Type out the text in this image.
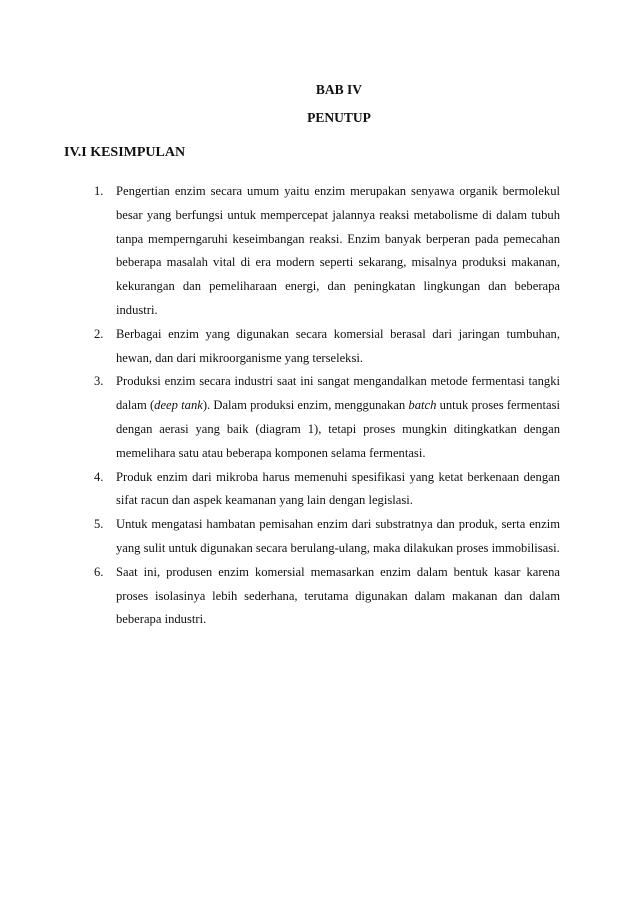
BAB IV
PENUTUP
IV.I KESIMPULAN
1. Pengertian enzim secara umum yaitu enzim merupakan senyawa organik bermolekul besar yang berfungsi untuk mempercepat jalannya reaksi metabolisme di dalam tubuh tanpa memperngaruhi keseimbangan reaksi. Enzim banyak berperan pada pemecahan beberapa masalah vital di era modern seperti sekarang, misalnya produksi makanan, kekurangan dan pemeliharaan energi, dan peningkatan lingkungan dan beberapa industri.
2. Berbagai enzim yang digunakan secara komersial berasal dari jaringan tumbuhan, hewan, dan dari mikroorganisme yang terseleksi.
3. Produksi enzim secara industri saat ini sangat mengandalkan metode fermentasi tangki dalam (deep tank). Dalam produksi enzim, menggunakan batch untuk proses fermentasi dengan aerasi yang baik (diagram 1), tetapi proses mungkin ditingkatkan dengan memelihara satu atau beberapa komponen selama fermentasi.
4. Produk enzim dari mikroba harus memenuhi spesifikasi yang ketat berkenaan dengan sifat racun dan aspek keamanan yang lain dengan legislasi.
5. Untuk mengatasi hambatan pemisahan enzim dari substratnya dan produk, serta enzim yang sulit untuk digunakan secara berulang-ulang, maka dilakukan proses immobilisasi.
6. Saat ini, produsen enzim komersial memasarkan enzim dalam bentuk kasar karena proses isolasinya lebih sederhana, terutama digunakan dalam makanan dan dalam beberapa industri.
